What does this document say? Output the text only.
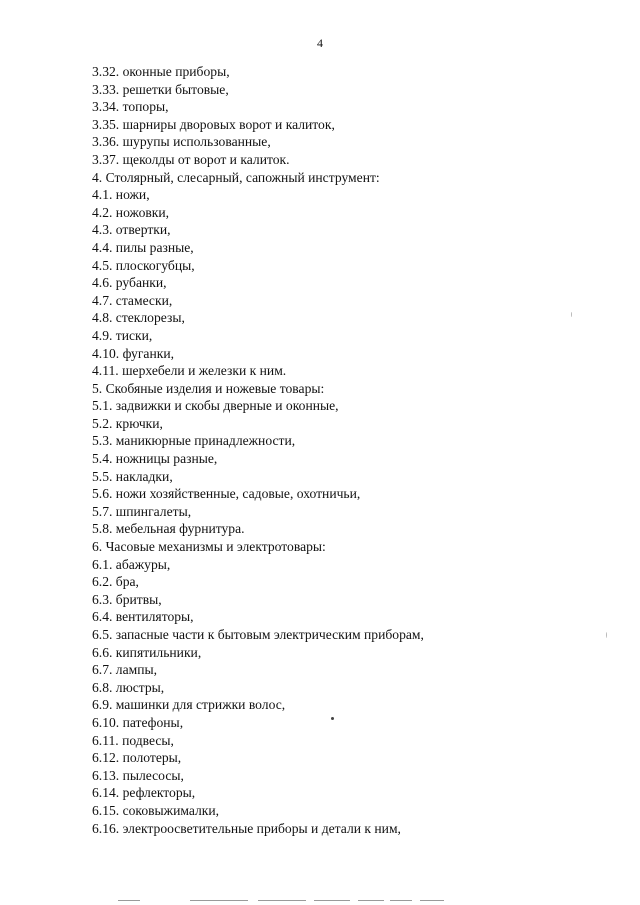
4
3.32. оконные приборы,
3.33. решетки бытовые,
3.34. топоры,
3.35. шарниры дворовых ворот и калиток,
3.36. шурупы использованные,
3.37. щеколды от ворот и калиток.
4. Столярный, слесарный, сапожный инструмент:
4.1. ножи,
4.2. ножовки,
4.3. отвертки,
4.4. пилы разные,
4.5. плоскогубцы,
4.6. рубанки,
4.7. стамески,
4.8. стеклорезы,
4.9. тиски,
4.10. фуганки,
4.11. шерхебели и железки к ним.
5. Скобяные изделия и ножевые товары:
5.1. задвижки и скобы дверные и оконные,
5.2. крючки,
5.3. маникюрные принадлежности,
5.4. ножницы разные,
5.5. накладки,
5.6. ножи хозяйственные, садовые, охотничьи,
5.7. шпингалеты,
5.8. мебельная фурнитура.
6. Часовые механизмы и электротовары:
6.1. абажуры,
6.2. бра,
6.3. бритвы,
6.4. вентиляторы,
6.5. запасные части к бытовым электрическим приборам,
6.6. кипятильники,
6.7. лампы,
6.8. люстры,
6.9. машинки для стрижки волос,
6.10. патефоны,
6.11. подвесы,
6.12. полотеры,
6.13. пылесосы,
6.14. рефлекторы,
6.15. соковыжималки,
6.16. электроосветительные приборы и детали к ним,
